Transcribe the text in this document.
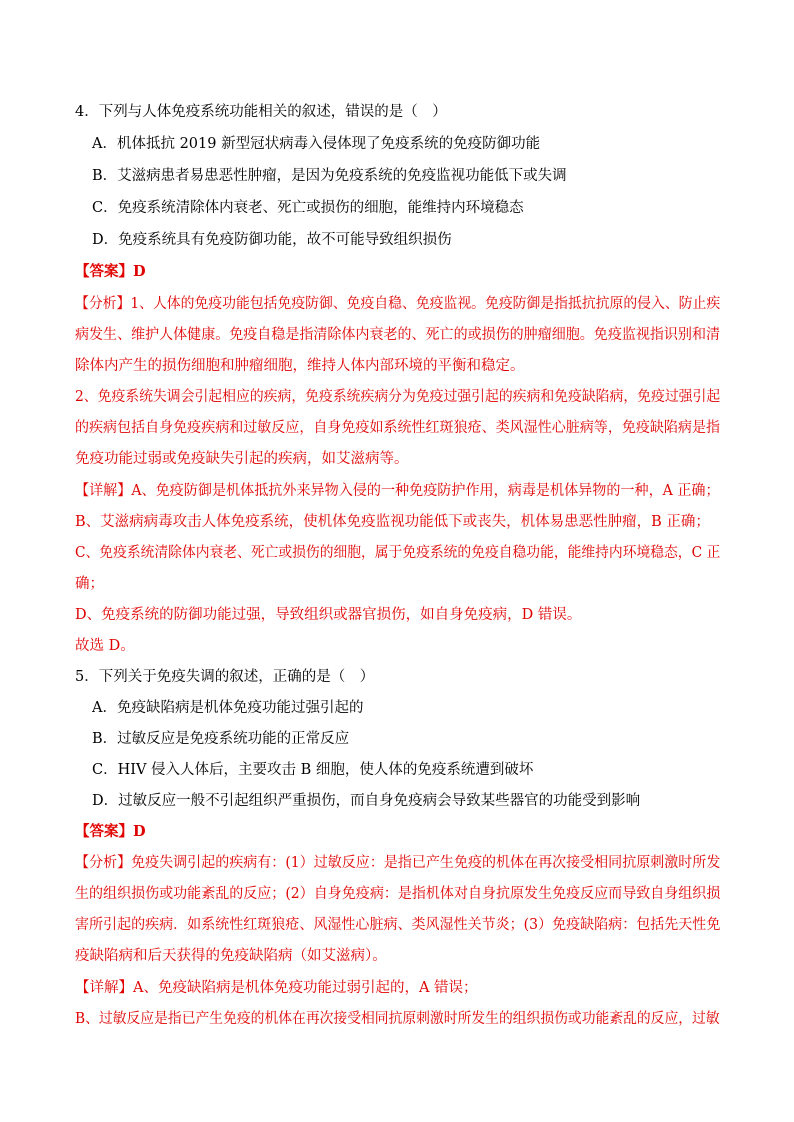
4．下列与人体免疫系统功能相关的叙述，错误的是（　）
A．机体抵抗 2019 新型冠状病毒入侵体现了免疫系统的免疫防御功能
B．艾滋病患者易患恶性肿瘤，是因为免疫系统的免疫监视功能低下或失调
C．免疫系统清除体内衰老、死亡或损伤的细胞，能维持内环境稳态
D．免疫系统具有免疫防御功能，故不可能导致组织损伤
【答案】D
【分析】1、人体的免疫功能包括免疫防御、免疫自稳、免疫监视。免疫防御是指抵抗抗原的侵入、防止疾
病发生、维护人体健康。免疫自稳是指清除体内衰老的、死亡的或损伤的肿瘤细胞。免疫监视指识别和清
除体内产生的损伤细胞和肿瘤细胞，维持人体内部环境的平衡和稳定。
2、免疫系统失调会引起相应的疾病，免疫系统疾病分为免疫过强引起的疾病和免疫缺陷病，免疫过强引起
的疾病包括自身免疫疾病和过敏反应，自身免疫如系统性红斑狼疮、类风湿性心脏病等，免疫缺陷病是指
免疫功能过弱或免疫缺失引起的疾病，如艾滋病等。
【详解】A、免疫防御是机体抵抗外来异物入侵的一种免疫防护作用，病毒是机体异物的一种，A 正确；
B、艾滋病病毒攻击人体免疫系统，使机体免疫监视功能低下或丧失，机体易患恶性肿瘤，B 正确；
C、免疫系统清除体内衰老、死亡或损伤的细胞，属于免疫系统的免疫自稳功能，能维持内环境稳态，C 正
确；
D、免疫系统的防御功能过强，导致组织或器官损伤，如自身免疫病，D 错误。
故选 D。
5．下列关于免疫失调的叙述，正确的是（　）
A．免疫缺陷病是机体免疫功能过强引起的
B．过敏反应是免疫系统功能的正常反应
C．HIV 侵入人体后，主要攻击 B 细胞，使人体的免疫系统遭到破坏
D．过敏反应一般不引起组织严重损伤，而自身免疫病会导致某些器官的功能受到影响
【答案】D
【分析】免疫失调引起的疾病有：(1）过敏反应：是指已产生免疫的机体在再次接受相同抗原刺激时所发
生的组织损伤或功能紊乱的反应；(2）自身免疫病：是指机体对自身抗原发生免疫反应而导致自身组织损
害所引起的疾病．如系统性红斑狼疮、风湿性心脏病、类风湿性关节炎；(3）免疫缺陷病：包括先天性免
疫缺陷病和后天获得的免疫缺陷病（如艾滋病）。
【详解】A、免疫缺陷病是机体免疫功能过弱引起的，A 错误；
B、过敏反应是指已产生免疫的机体在再次接受相同抗原刺激时所发生的组织损伤或功能紊乱的反应，过敏
